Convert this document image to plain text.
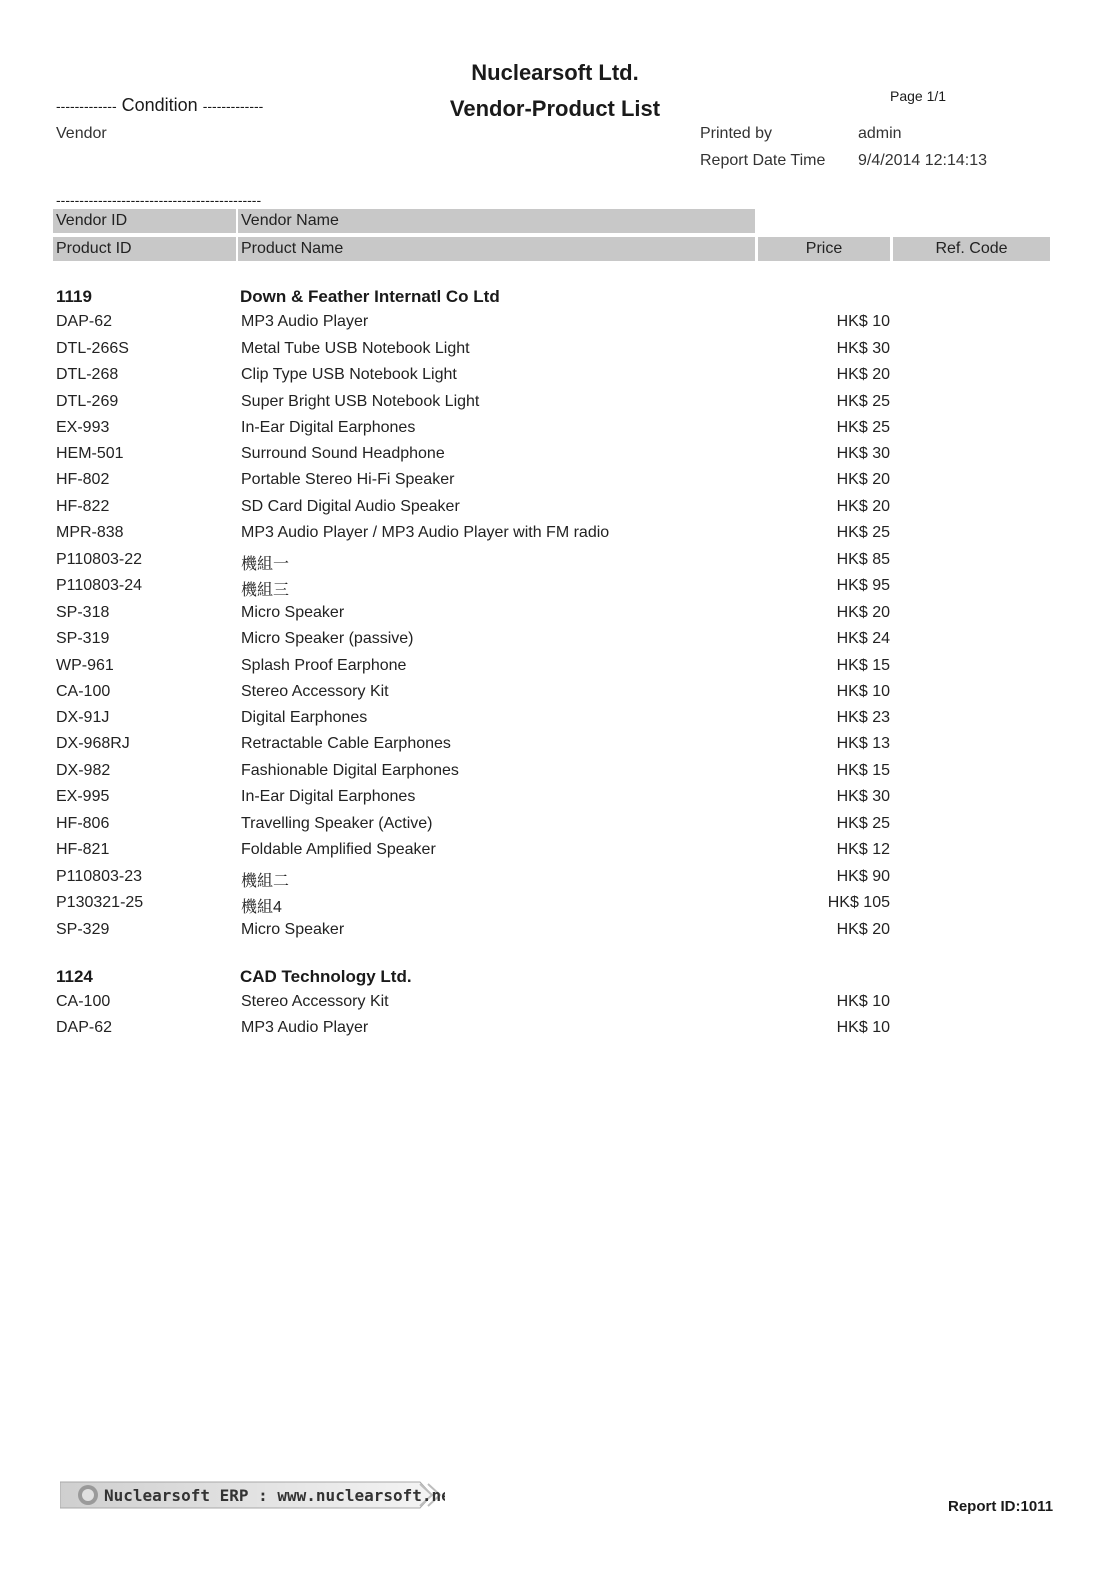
Nuclearsoft Ltd.
Vendor-Product List	Page 1/1
------------- Condition -------------
Vendor	Printed by	admin
Report Date Time 9/4/2014 12:14:13
--------------------------------------------
Vendor ID	Vendor Name
Product ID	Product Name	Price	Ref. Code
1119	Down & Feather Internatl Co Ltd
DAP-62	MP3 Audio Player	HK$ 10
DTL-266S	Metal Tube USB Notebook Light	HK$ 30
DTL-268	Clip Type USB Notebook Light	HK$ 20
DTL-269	Super Bright USB Notebook Light	HK$ 25
EX-993	In-Ear Digital Earphones	HK$ 25
HEM-501	Surround Sound Headphone	HK$ 30
HF-802	Portable Stereo Hi-Fi Speaker	HK$ 20
HF-822	SD Card Digital Audio Speaker	HK$ 20
MPR-838	MP3 Audio Player / MP3 Audio Player with FM radio	HK$ 25
P110803-22	機組一	HK$ 85
P110803-24	機組三	HK$ 95
SP-318	Micro Speaker	HK$ 20
SP-319	Micro Speaker (passive)	HK$ 24
WP-961	Splash Proof Earphone	HK$ 15
CA-100	Stereo Accessory Kit	HK$ 10
DX-91J	Digital Earphones	HK$ 23
DX-968RJ	Retractable Cable Earphones	HK$ 13
DX-982	Fashionable Digital Earphones	HK$ 15
EX-995	In-Ear Digital Earphones	HK$ 30
HF-806	Travelling Speaker (Active)	HK$ 25
HF-821	Foldable Amplified Speaker	HK$ 12
P110803-23	機組二	HK$ 90
P130321-25	機組4	HK$ 105
SP-329	Micro Speaker	HK$ 20
1124	CAD Technology Ltd.
CA-100	Stereo Accessory Kit	HK$ 10
DAP-62	MP3 Audio Player	HK$ 10
Nuclearsoft ERP : www.nuclearsoft.net
Report ID:1011
